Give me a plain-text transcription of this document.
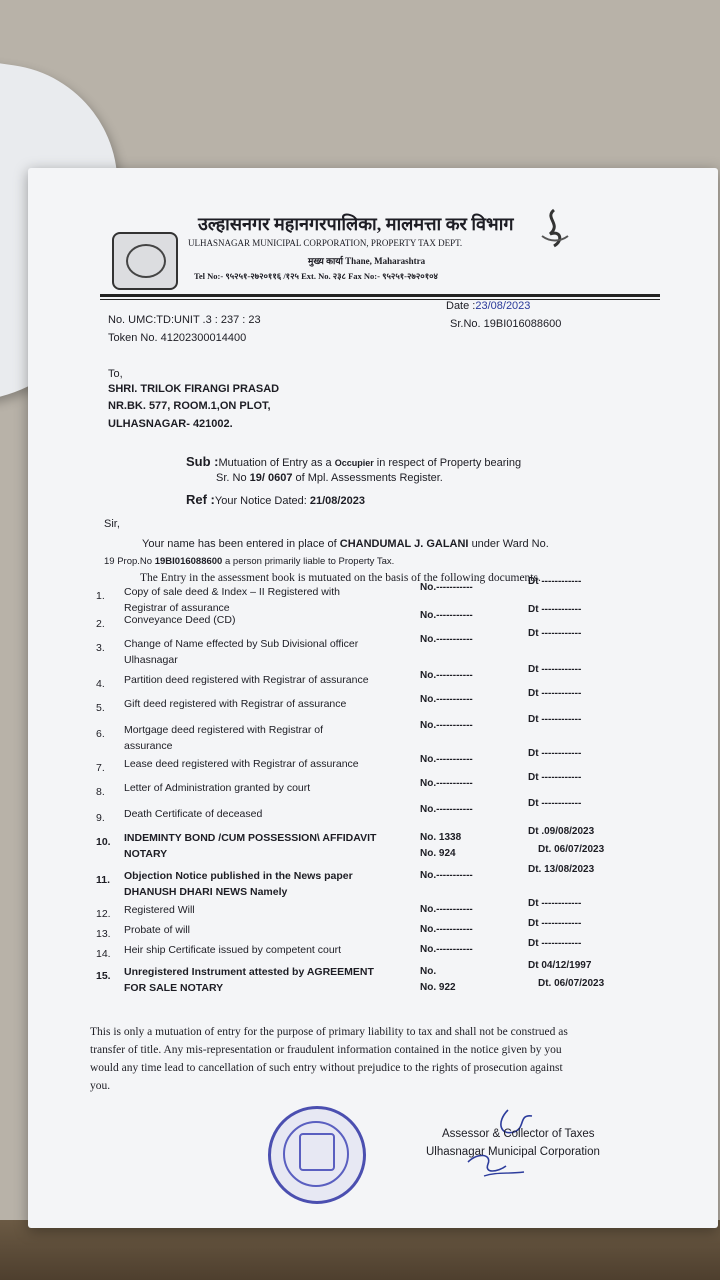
उल्हासनगर महानगरपालिका, मालमत्ता कर विभाग
ULHASNAGAR MUNICIPAL CORPORATION, PROPERTY TAX DEPT.
मुख्य कार्या Thane, Maharashtra
Tel No:- ९५२५१-२७२०११६ /१२५ Ext. No. २३८ Fax No:- ९५२५१-२७२०१०४
No. UMC:TD:UNIT .3 : 237 : 23
Token No. 41202300014400
Date :23/08/2023
Sr.No. 19BI016088600
To,
SHRI. TRILOK FIRANGI PRASAD
NR.BK. 577, ROOM.1,ON PLOT,
ULHASNAGAR- 421002.
Sub :Mutuation of Entry as a Occupier in respect of Property bearing
Sr. No 19/ 0607 of Mpl. Assessments Register.
Ref :Your Notice Dated: 21/08/2023
Sir,
Your name has been entered in place of CHANDUMAL J. GALANI under Ward No.
19 Prop.No 19BI016088600 a person primarily liable to Property Tax.
The Entry in the assessment book is mutuated on the basis of the following documents.
1. Copy of sale deed & Index – II Registered with
Registrar of assurance
No.-----------
Dt ------------
2. Conveyance Deed (CD)	No.-----------
Dt ------------
3. Change of Name effected by Sub Divisional officer
Ulhasnagar
No.-----------
Dt ------------
4. Partition deed registered with Registrar of assurance	No.-----------
Dt ------------
5. Gift deed registered with Registrar of assurance	No.-----------
Dt ------------
6. Mortgage deed registered with Registrar of
assurance
No.-----------
Dt ------------
7. Lease deed registered with Registrar of assurance	No.-----------
Dt ------------
8. Letter of Administration granted by court	No.-----------
Dt ------------
9. Death Certificate of deceased	No.-----------
Dt ------------
10. INDEMINTY BOND /CUM POSSESSION\ AFFIDAVIT
NOTARY
No. 1338
Dt .09/08/2023
No. 924	Dt. 06/07/2023
11. Objection Notice published in the News paper
DHANUSH DHARI NEWS Namely
No.-----------
Dt. 13/08/2023
12. Registered Will	No.-----------
Dt ------------
13. Probate of will	No.-----------
Dt ------------
14. Heir ship Certificate issued by competent court	No.-----------
Dt ------------
15. Unregistered Instrument attested by AGREEMENT
FOR SALE NOTARY
No.
Dt 04/12/1997
No. 922	Dt. 06/07/2023
This is only a mutuation of entry for the purpose of primary liability to tax and shall not be construed as
transfer of title. Any mis-representation or fraudulent information contained in the notice given by you
would any time lead to cancellation of such entry without prejudice to the rights of prosecution against
you.
Assessor & Collector of Taxes
Ulhasnagar Municipal Corporation
